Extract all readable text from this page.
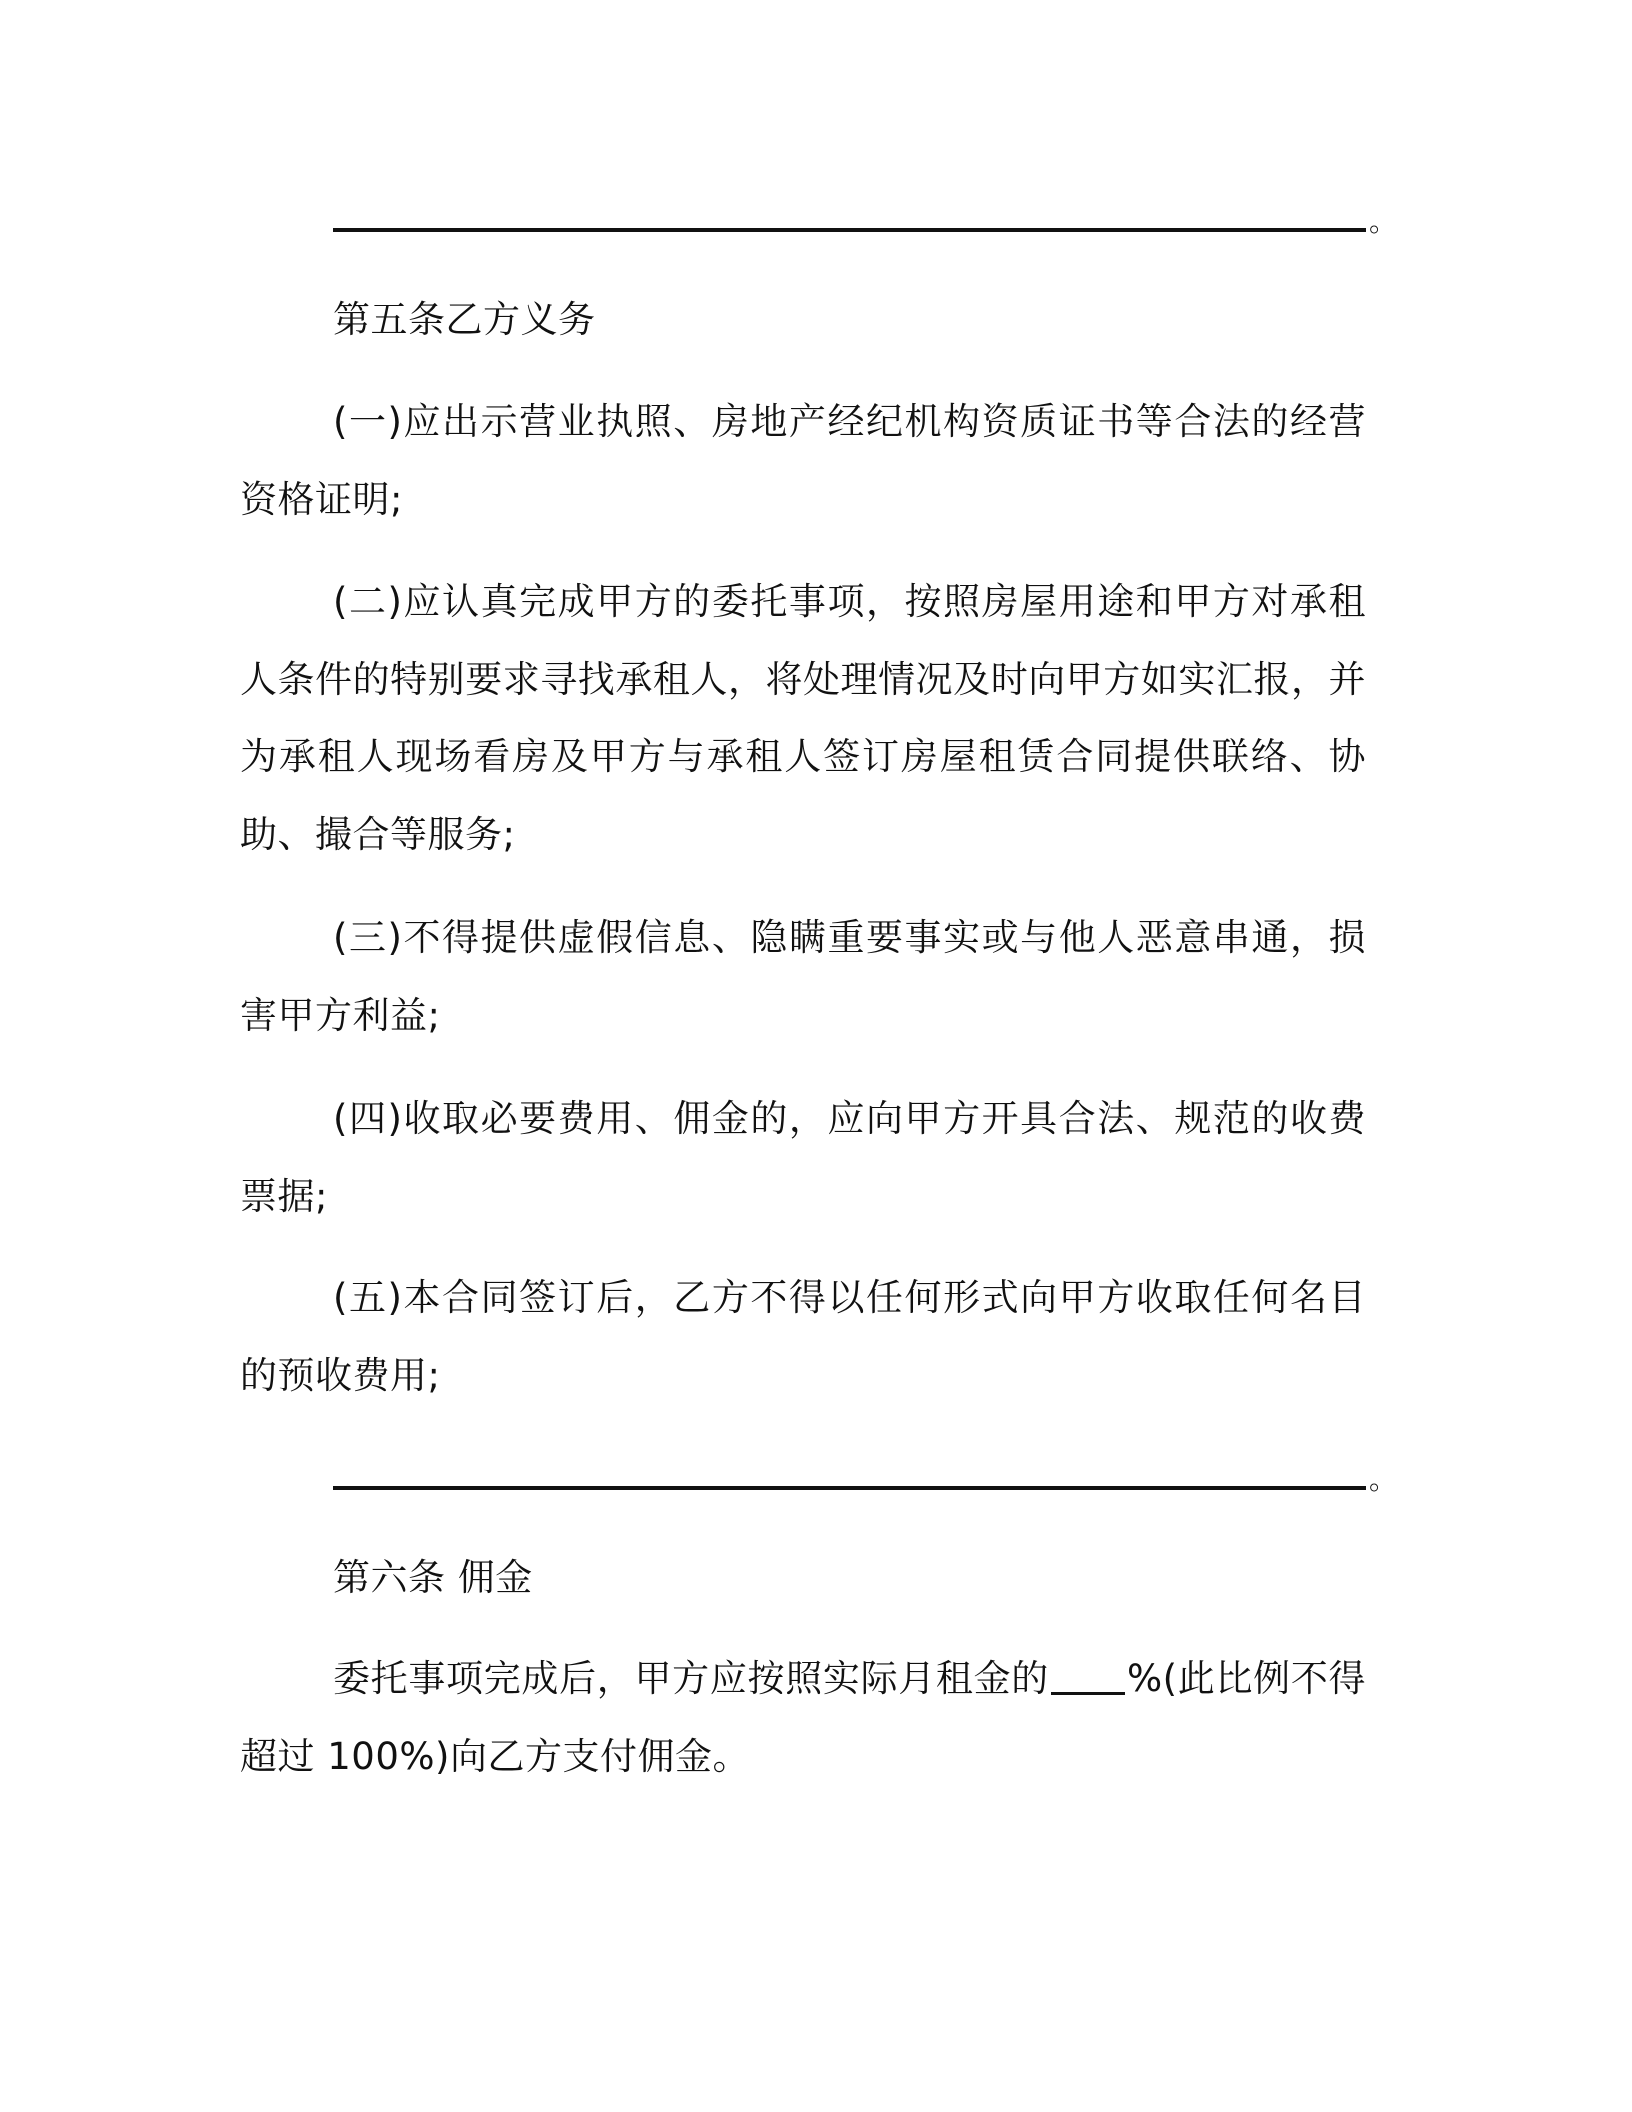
。
第五条乙方义务

(一)应出示营业执照、房地产经纪机构资质证书等合法的经营资格证明;

(二)应认真完成甲方的委托事项，按照房屋用途和甲方对承租人条件的特别要求寻找承租人，将处理情况及时向甲方如实汇报，并为承租人现场看房及甲方与承租人签订房屋租赁合同提供联络、协助、撮合等服务;

(三)不得提供虚假信息、隐瞒重要事实或与他人恶意串通，损害甲方利益;

(四)收取必要费用、佣金的，应向甲方开具合法、规范的收费票据;

(五)本合同签订后，乙方不得以任何形式向甲方收取任何名目的预收费用;

。
第六条 佣金

委托事项完成后，甲方应按照实际月租金的 %(此比例不得超过 100%)向乙方支付佣金。
